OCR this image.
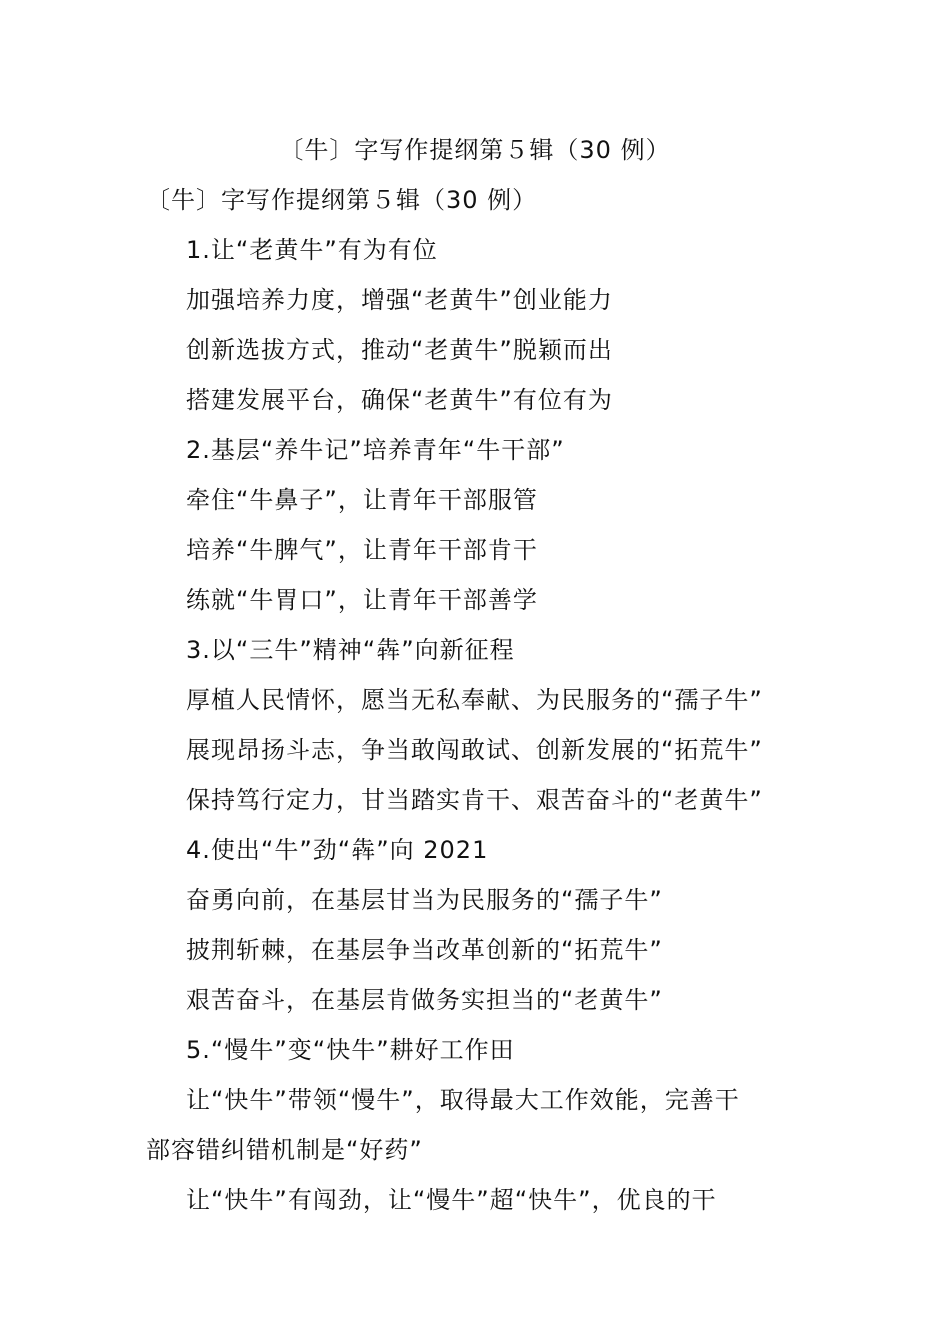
〔牛〕字写作提纲第５辑（30 例）
〔牛〕字写作提纲第５辑（30 例）
1.让“老黄牛”有为有位
加强培养力度，增强“老黄牛”创业能力
创新选拔方式，推动“老黄牛”脱颖而出
搭建发展平台，确保“老黄牛”有位有为
2.基层“养牛记”培养青年“牛干部”
牵住“牛鼻子”，让青年干部服管
培养“牛脾气”，让青年干部肯干
练就“牛胃口”，让青年干部善学
3.以“三牛”精神“犇”向新征程
厚植人民情怀，愿当无私奉献、为民服务的“孺子牛”
展现昂扬斗志，争当敢闯敢试、创新发展的“拓荒牛”
保持笃行定力，甘当踏实肯干、艰苦奋斗的“老黄牛”
4.使出“牛”劲“犇”向 2021
奋勇向前，在基层甘当为民服务的“孺子牛”
披荆斩棘，在基层争当改革创新的“拓荒牛”
艰苦奋斗，在基层肯做务实担当的“老黄牛”
5.“慢牛”变“快牛”耕好工作田
让“快牛”带领“慢牛”，取得最大工作效能，完善干
部容错纠错机制是“好药”
让“快牛”有闯劲，让“慢牛”超“快牛”，优良的干
